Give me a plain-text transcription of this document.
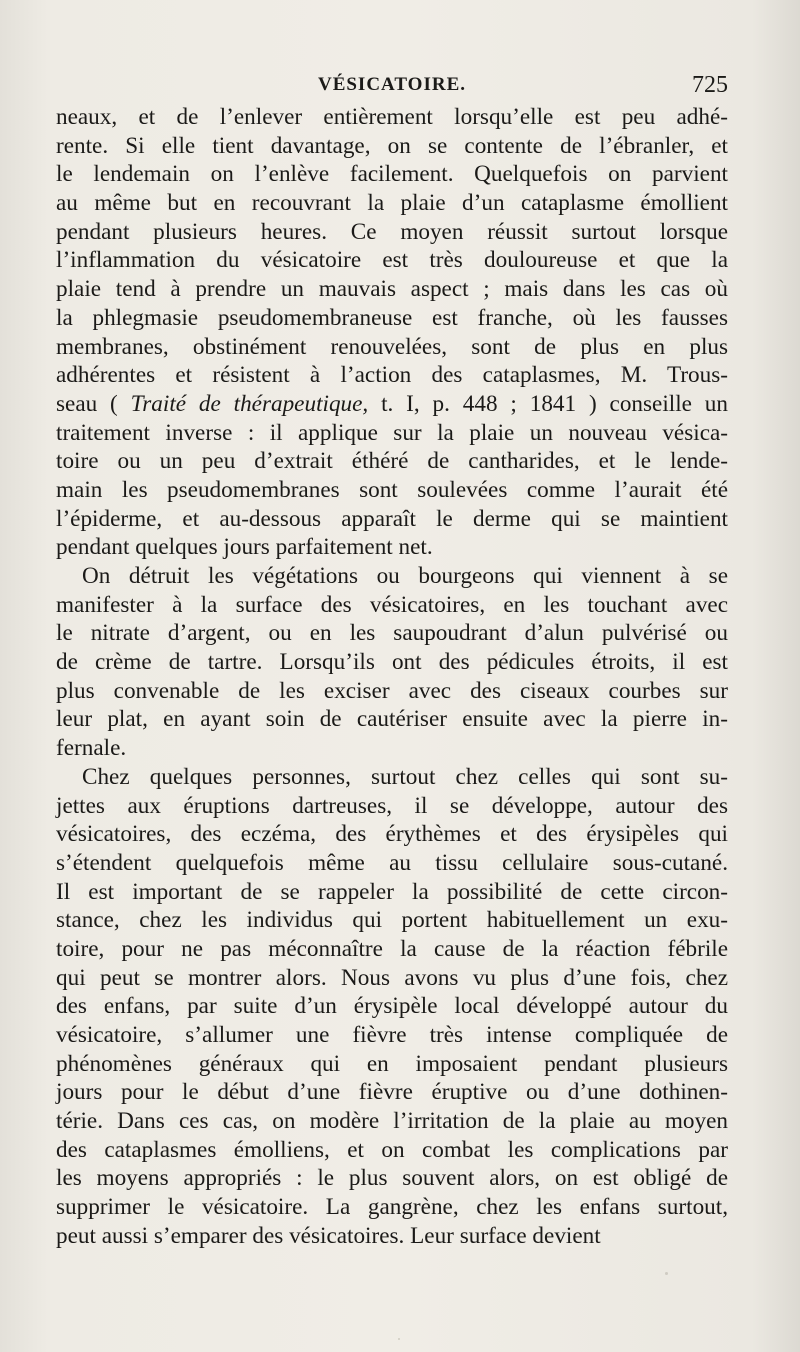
VÉSICATOIRE.	725

neaux, et de l’enlever entièrement lorsqu’elle est peu adhé-
rente. Si elle tient davantage, on se contente de l’ébranler, et
le lendemain on l’enlève facilement. Quelquefois on parvient
au même but en recouvrant la plaie d’un cataplasme émollient
pendant plusieurs heures. Ce moyen réussit surtout lorsque
l’inflammation du vésicatoire est très douloureuse et que la
plaie tend à prendre un mauvais aspect ; mais dans les cas où
la phlegmasie pseudomembraneuse est franche, où les fausses
membranes, obstinément renouvelées, sont de plus en plus
adhérentes et résistent à l’action des cataplasmes, M. Trous-
seau ( Traité de thérapeutique, t. I, p. 448 ; 1841 ) conseille un
traitement inverse : il applique sur la plaie un nouveau vésica-
toire ou un peu d’extrait éthéré de cantharides, et le lende-
main les pseudomembranes sont soulevées comme l’aurait été
l’épiderme, et au-dessous apparaît le derme qui se maintient
pendant quelques jours parfaitement net.

On détruit les végétations ou bourgeons qui viennent à se
manifester à la surface des vésicatoires, en les touchant avec
le nitrate d’argent, ou en les saupoudrant d’alun pulvérisé ou
de crème de tartre. Lorsqu’ils ont des pédicules étroits, il est
plus convenable de les exciser avec des ciseaux courbes sur
leur plat, en ayant soin de cautériser ensuite avec la pierre in-
fernale.

Chez quelques personnes, surtout chez celles qui sont su-
jettes aux éruptions dartreuses, il se développe, autour des
vésicatoires, des eczéma, des érythèmes et des érysipèles qui
s’étendent quelquefois même au tissu cellulaire sous-cutané.
Il est important de se rappeler la possibilité de cette circon-
stance, chez les individus qui portent habituellement un exu-
toire, pour ne pas méconnaître la cause de la réaction fébrile
qui peut se montrer alors. Nous avons vu plus d’une fois, chez
des enfans, par suite d’un érysipèle local développé autour du
vésicatoire, s’allumer une fièvre très intense compliquée de
phénomènes généraux qui en imposaient pendant plusieurs
jours pour le début d’une fièvre éruptive ou d’une dothinen-
térie. Dans ces cas, on modère l’irritation de la plaie au moyen
des cataplasmes émolliens, et on combat les complications par
les moyens appropriés : le plus souvent alors, on est obligé de
supprimer le vésicatoire. La gangrène, chez les enfans surtout,
peut aussi s’emparer des vésicatoires. Leur surface devient
